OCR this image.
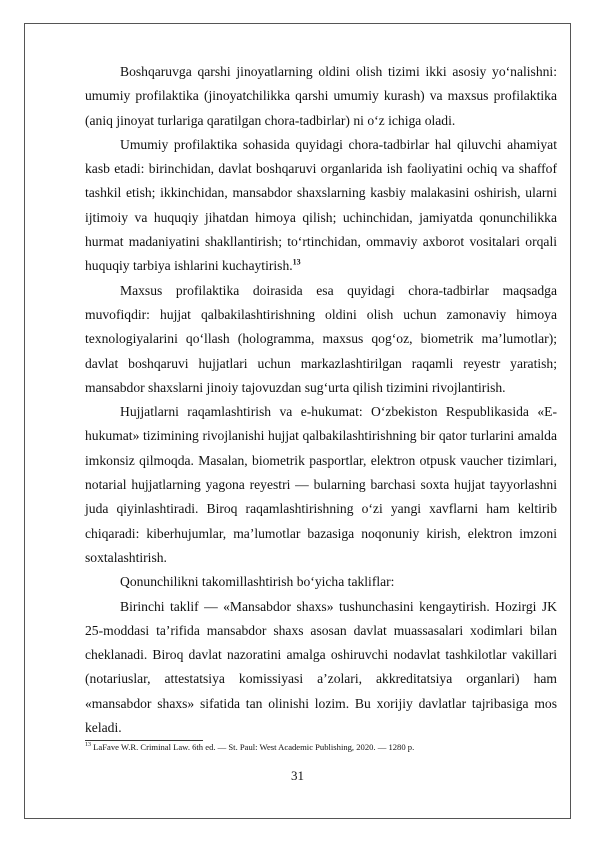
Boshqaruvga qarshi jinoyatlarning oldini olish tizimi ikki asosiy yo‘nalishni: umumiy profilaktika (jinoyatchilikka qarshi umumiy kurash) va maxsus profilaktika (aniq jinoyat turlariga qaratilgan chora-tadbirlar) ni o‘z ichiga oladi.

Umumiy profilaktika sohasida quyidagi chora-tadbirlar hal qiluvchi ahamiyat kasb etadi: birinchidan, davlat boshqaruvi organlarida ish faoliyatini ochiq va shaffof tashkil etish; ikkinchidan, mansabdor shaxslarning kasbiy malakasini oshirish, ularni ijtimoiy va huquqiy jihatdan himoya qilish; uchinchidan, jamiyatda qonunchilikka hurmat madaniyatini shakllantirish; to‘rtinchidan, ommaviy axborot vositalari orqali huquqiy tarbiya ishlarini kuchaytirish.$^{13}$

Maxsus profilaktika doirasida esa quyidagi chora-tadbirlar maqsadga muvofiqdir: hujjat qalbakilashtirishning oldini olish uchun zamonaviy himoya texnologiyalarini qo‘llash (hologramma, maxsus qog‘oz, biometrik ma’lumotlar); davlat boshqaruvi hujjatlari uchun markazlashtirilgan raqamli reyestr yaratish; mansabdor shaxslarni jinoiy tajovuzdan sug‘urta qilish tizimini rivojlantirish.

Hujjatlarni raqamlashtirish va e-hukumat: O‘zbekiston Respublikasida «E-hukumat» tizimining rivojlanishi hujjat qalbakilashtirishning bir qator turlarini amalda imkonsiz qilmoqda. Masalan, biometrik pasportlar, elektron otpusk vaucher tizimlari, notarial hujjatlarning yagona reyestri — bularning barchasi soxta hujjat tayyorlashni juda qiyinlashtiradi. Biroq raqamlashtirishning o‘zi yangi xavflarni ham keltirib chiqaradi: kiberhujumlar, ma’lumotlar bazasiga noqonuniy kirish, elektron imzoni soxtalashtirish.

Qonunchilikni takomillashtirish bo‘yicha takliflar:

Birinchi taklif — «Mansabdor shaxs» tushunchasini kengaytirish. Hozirgi JK 25-moddasi ta’rifida mansabdor shaxs asosan davlat muassasalari xodimlari bilan cheklanadi. Biroq davlat nazoratini amalga oshiruvchi nodavlat tashkilotlar vakillari (notariuslar, attestatsiya komissiyasi a’zolari, akkreditatsiya organlari) ham «mansabdor shaxs» sifatida tan olinishi lozim. Bu xorijiy davlatlar tajribasiga mos keladi.

$^{13}$ LaFave W.R. Criminal Law. 6th ed. — St. Paul: West Academic Publishing, 2020. — 1280 p.
31
